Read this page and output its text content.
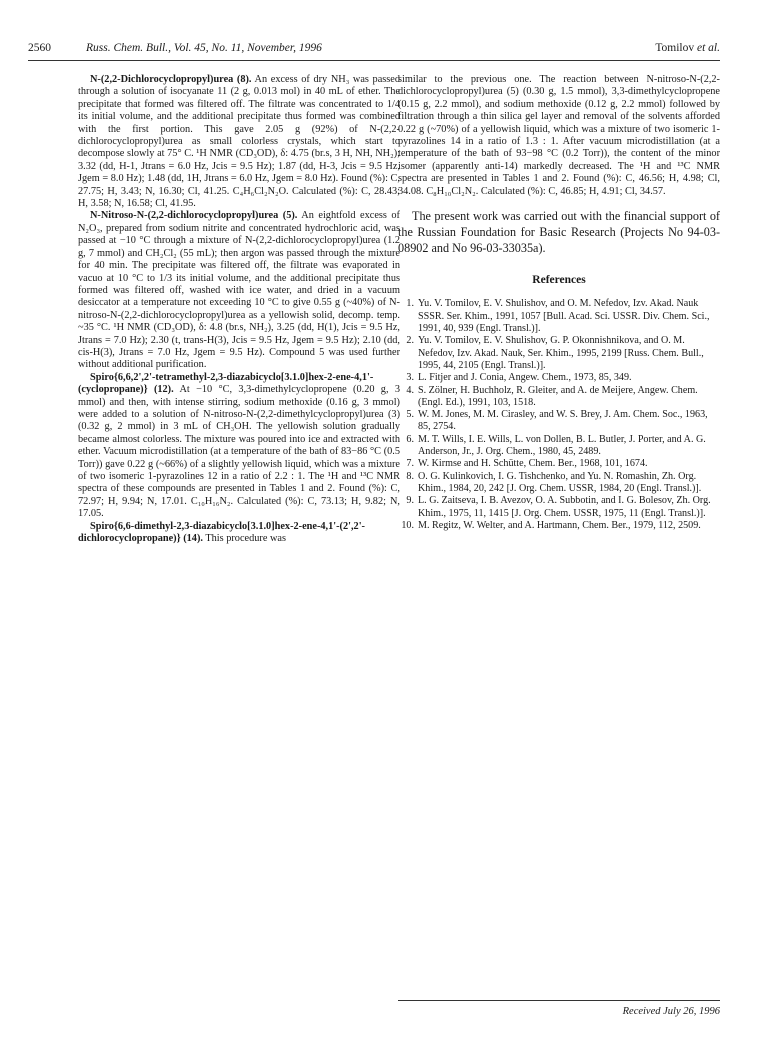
2560	Russ. Chem. Bull., Vol. 45, No. 11, November, 1996	Tomilov et al.

N-(2,2-Dichlorocyclopropyl)urea (8). An excess of dry NH₃ was passed through a solution of isocyanate 11 (2 g, 0.013 mol) in 40 mL of ether. The precipitate that formed was filtered off. The filtrate was concentrated to 1/4 its initial volume, and the additional precipitate thus formed was combined with the first portion. This gave 2.05 g (92%) of N-(2,2-dichlorocyclopropyl)urea as small colorless crystals, which start to decompose slowly at 75° C. ¹H NMR (CD₃OD), δ: 4.75 (br.s, 3 H, NH, NH₂); 3.32 (dd, H-1, Jtrans = 6.0 Hz, Jcis = 9.5 Hz); 1.87 (dd, H-3, Jcis = 9.5 Hz, Jgem = 8.0 Hz); 1.48 (dd, 1H, Jtrans = 6.0 Hz, Jgem = 8.0 Hz). Found (%): C, 27.75; H, 3.43; N, 16.30; Cl, 41.25. C₄H₆Cl₂N₂O. Calculated (%): C, 28.43; H, 3.58; N, 16.58; Cl, 41.95.

N-Nitroso-N-(2,2-dichlorocyclopropyl)urea (5). An eightfold excess of N₂O₃, prepared from sodium nitrite and concentrated hydrochloric acid, was passed at −10 °C through a mixture of N-(2,2-dichlorocyclopropyl)urea (1.2 g, 7 mmol) and CH₂Cl₂ (55 mL); then argon was passed through the mixture for 40 min. The precipitate was filtered off, the filtrate was evaporated in vacuo at 10 °C to 1/3 its initial volume, and the additional precipitate thus formed was filtered off, washed with ice water, and dried in a vacuum desiccator at a temperature not exceeding 10 °C to give 0.55 g (~40%) of N-nitroso-N-(2,2-dichlorocyclopropyl)urea as a yellowish solid, decomp. temp. ~35 °C. ¹H NMR (CD₃OD), δ: 4.8 (br.s, NH₂), 3.25 (dd, H(1), Jcis = 9.5 Hz, Jtrans = 7.0 Hz); 2.30 (t, trans-H(3), Jcis = 9.5 Hz, Jgem = 9.5 Hz); 2.10 (dd, cis-H(3), Jtrans = 7.0 Hz, Jgem = 9.5 Hz). Compound 5 was used further without additional purification.

Spiro{6,6,2',2'-tetramethyl-2,3-diazabicyclo[3.1.0]hex-2-ene-4,1'-(cyclopropane)} (12). At −10 °C, 3,3-dimethylcyclopropene (0.20 g, 3 mmol) and then, with intense stirring, sodium methoxide (0.16 g, 3 mmol) were added to a solution of N-nitroso-N-(2,2-dimethylcyclopropyl)urea (3) (0.32 g, 2 mmol) in 3 mL of CH₃OH. The yellowish solution gradually became almost colorless. The mixture was poured into ice and extracted with ether. Vacuum microdistillation (at a temperature of the bath of 83−86 °C (0.5 Torr)) gave 0.22 g (~66%) of a slightly yellowish liquid, which was a mixture of two isomeric 1-pyrazolines 12 in a ratio of 2.2 : 1. The ¹H and ¹³C NMR spectra of these compounds are presented in Tables 1 and 2. Found (%): C, 72.97; H, 9.94; N, 17.01. C₁₀H₁₆N₂. Calculated (%): C, 73.13; H, 9.82; N, 17.05.

Spiro{6,6-dimethyl-2,3-diazabicyclo[3.1.0]hex-2-ene-4,1'-(2',2'-dichlorocyclopropane)} (14). This procedure was

similar to the previous one. The reaction between N-nitroso-N-(2,2-dichlorocyclopropyl)urea (5) (0.30 g, 1.5 mmol), 3,3-dimethylcyclopropene (0.15 g, 2.2 mmol), and sodium methoxide (0.12 g, 2.2 mmol) followed by filtration through a thin silica gel layer and removal of the solvents afforded 0.22 g (~70%) of a yellowish liquid, which was a mixture of two isomeric 1-pyrazolines 14 in a ratio of 1.3 : 1. After vacuum microdistillation (at a temperature of the bath of 93−98 °C (0.2 Torr)), the content of the minor isomer (apparently anti-14) markedly decreased. The ¹H and ¹³C NMR spectra are presented in Tables 1 and 2. Found (%): C, 46.56; H, 4.98; Cl, 34.08. C₈H₁₀Cl₂N₂. Calculated (%): C, 46.85; H, 4.91; Cl, 34.57.

The present work was carried out with the financial support of the Russian Foundation for Basic Research (Projects No 94-03-08902 and No 96-03-33035a).

References
1. Yu. V. Tomilov, E. V. Shulishov, and O. M. Nefedov, Izv. Akad. Nauk SSSR. Ser. Khim., 1991, 1057 [Bull. Acad. Sci. USSR. Div. Chem. Sci., 1991, 40, 939 (Engl. Transl.)].
2. Yu. V. Tomilov, E. V. Shulishov, G. P. Okonnishnikova, and O. M. Nefedov, Izv. Akad. Nauk, Ser. Khim., 1995, 2199 [Russ. Chem. Bull., 1995, 44, 2105 (Engl. Transl.)].
3. L. Fitjer and J. Conia, Angew. Chem., 1973, 85, 349.
4. S. Zölner, H. Buchholz, R. Gleiter, and A. de Meijere, Angew. Chem. (Engl. Ed.), 1991, 103, 1518.
5. W. M. Jones, M. M. Cirasley, and W. S. Brey, J. Am. Chem. Soc., 1963, 85, 2754.
6. M. T. Wills, I. E. Wills, L. von Dollen, B. L. Butler, J. Porter, and A. G. Anderson, Jr., J. Org. Chem., 1980, 45, 2489.
7. W. Kirmse and H. Schütte, Chem. Ber., 1968, 101, 1674.
8. O. G. Kulinkovich, I. G. Tishchenko, and Yu. N. Romashin, Zh. Org. Khim., 1984, 20, 242 [J. Org. Chem. USSR, 1984, 20 (Engl. Transl.)].
9. L. G. Zaitseva, I. B. Avezov, O. A. Subbotin, and I. G. Bolesov, Zh. Org. Khim., 1975, 11, 1415 [J. Org. Chem. USSR, 1975, 11 (Engl. Transl.)].
10. M. Regitz, W. Welter, and A. Hartmann, Chem. Ber., 1979, 112, 2509.
Received July 26, 1996
